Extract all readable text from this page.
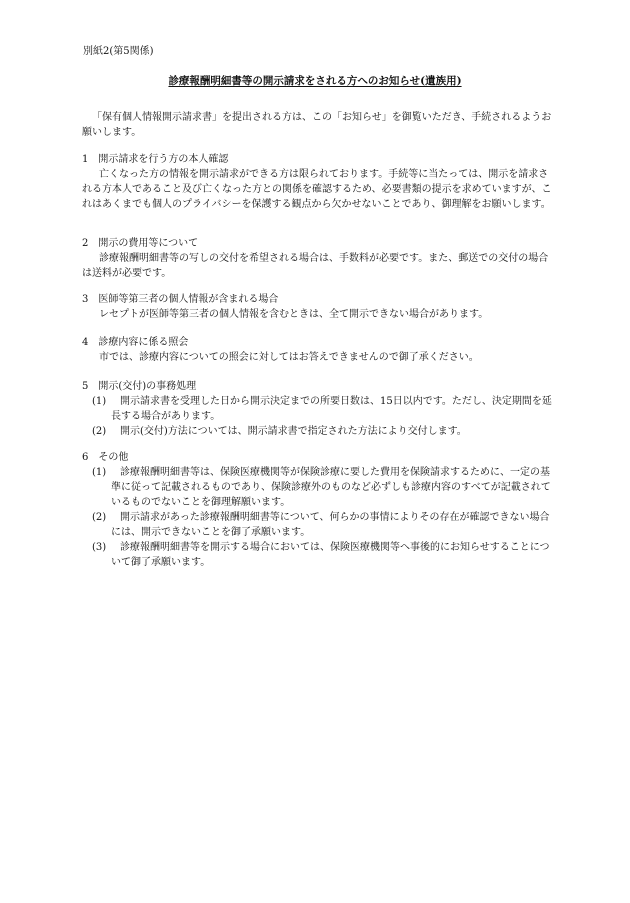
別紙2(第5関係)
診療報酬明細書等の開示請求をされる方へのお知らせ(遺族用)

「保有個人情報開示請求書」を提出される方は、この「お知らせ」を御覧いただき、手続されるようお願いします。

1　開示請求を行う方の本人確認

亡くなった方の情報を開示請求ができる方は限られております。手続等に当たっては、開示を請求される方本人であること及び亡くなった方との関係を確認するため、必要書類の提示を求めていますが、これはあくまでも個人のプライバシーを保護する観点から欠かせないことであり、御理解をお願いします。

2　開示の費用等について

診療報酬明細書等の写しの交付を希望される場合は、手数料が必要です。また、郵送での交付の場合は送料が必要です。

3　医師等第三者の個人情報が含まれる場合

レセプトが医師等第三者の個人情報を含むときは、全て開示できない場合があります。

4　診療内容に係る照会

市では、診療内容についての照会に対してはお答えできませんので御了承ください。

5　開示(交付)の事務処理

(1)	開示請求書を受理した日から開示決定までの所要日数は、15日以内です。ただし、決定期間を延長する場合があります。

(2)	開示(交付)方法については、開示請求書で指定された方法により交付します。

6　その他

(1)	診療報酬明細書等は、保険医療機関等が保険診療に要した費用を保険請求するために、一定の基準に従って記載されるものであり、保険診療外のものなど必ずしも診療内容のすべてが記載されているものでないことを御理解願います。

(2)	開示請求があった診療報酬明細書等について、何らかの事情によりその存在が確認できない場合には、開示できないことを御了承願います。

(3)	診療報酬明細書等を開示する場合においては、保険医療機関等へ事後的にお知らせすることについて御了承願います。
